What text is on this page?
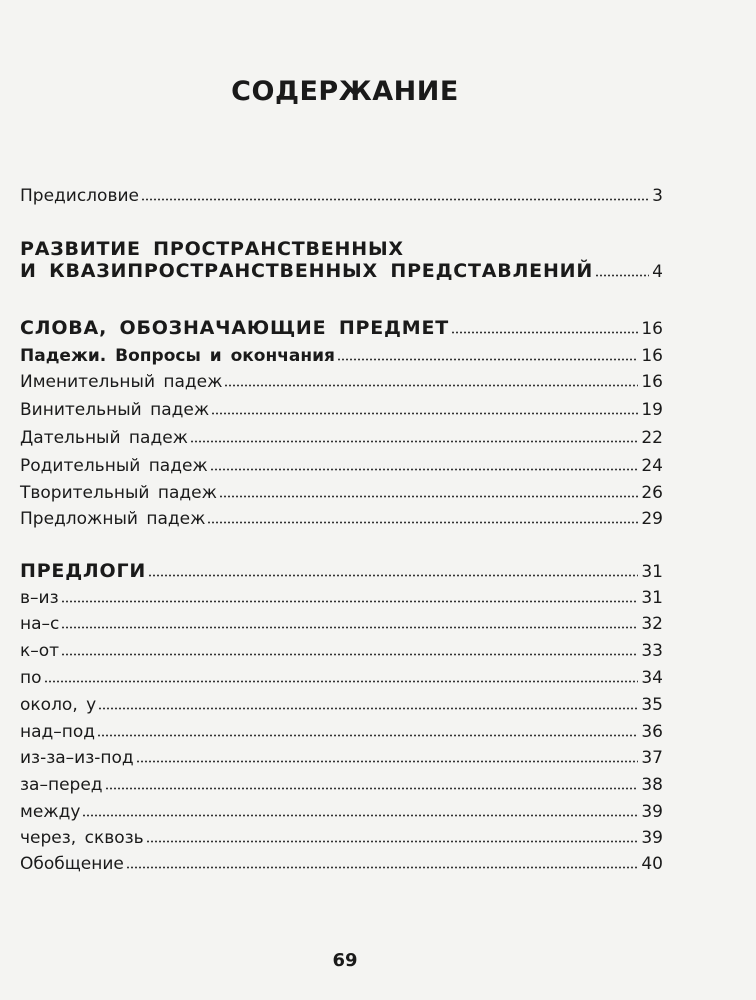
СОДЕРЖАНИЕ
Предисловие	3
РАЗВИТИЕ ПРОСТРАНСТВЕННЫХ
И КВАЗИПРОСТРАНСТВЕННЫХ ПРЕДСТАВЛЕНИЙ	4
СЛОВА, ОБОЗНАЧАЮЩИЕ ПРЕДМЕТ	16
Падежи. Вопросы и окончания	16
Именительный падеж	16
Винительный падеж	19
Дательный падеж	22
Родительный падеж	24
Творительный падеж	26
Предложный падеж	29
ПРЕДЛОГИ	31
в–из	31
на–с	32
к–от	33
по	34
около, у	35
над–под	36
из-за–из-под	37
за–перед	38
между	39
через, сквозь	39
Обобщение	40
69
